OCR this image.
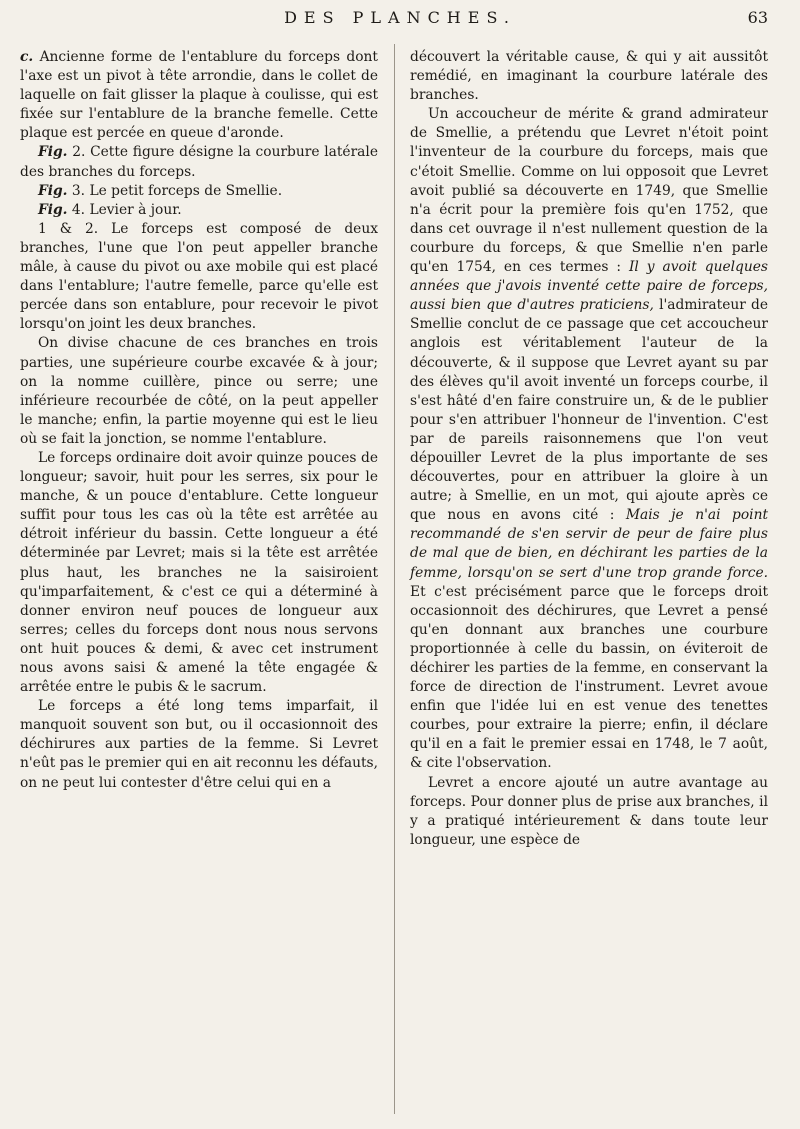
DES PLANCHES.	63

c. Ancienne forme de l'entablure du forceps dont l'axe est un pivot à tête arrondie, dans le collet de laquelle on fait glisser la plaque à coulisse, qui est fixée sur l'entablure de la branche femelle. Cette plaque est percée en queue d'aronde.

Fig. 2. Cette figure désigne la courbure latérale des branches du forceps.

Fig. 3. Le petit forceps de Smellie.

Fig. 4. Levier à jour.

1 & 2. Le forceps est composé de deux branches, l'une que l'on peut appeller branche mâle, à cause du pivot ou axe mobile qui est placé dans l'entablure; l'autre femelle, parce qu'elle est percée dans son entablure, pour recevoir le pivot lorsqu'on joint les deux branches.

On divise chacune de ces branches en trois parties, une supérieure courbe excavée & à jour; on la nomme cuillère, pince ou serre; une inférieure recourbée de côté, on la peut appeller le manche; enfin, la partie moyenne qui est le lieu où se fait la jonction, se nomme l'entablure.

Le forceps ordinaire doit avoir quinze pouces de longueur; savoir, huit pour les serres, six pour le manche, & un pouce d'entablure. Cette longueur suffit pour tous les cas où la tête est arrêtée au détroit inférieur du bassin. Cette longueur a été déterminée par Levret; mais si la tête est arrêtée plus haut, les branches ne la saisiroient qu'imparfaitement, & c'est ce qui a déterminé à donner environ neuf pouces de longueur aux serres; celles du forceps dont nous nous servons ont huit pouces & demi, & avec cet instrument nous avons saisi & amené la tête engagée & arrêtée entre le pubis & le sacrum.

Le forceps a été long tems imparfait, il manquoit souvent son but, ou il occasionnoit des déchirures aux parties de la femme. Si Levret n'eût pas le premier qui en ait reconnu les défauts, on ne peut lui contester d'être celui qui en a

découvert la véritable cause, & qui y ait aussitôt remédié, en imaginant la courbure latérale des branches.

Un accoucheur de mérite & grand admirateur de Smellie, a prétendu que Levret n'étoit point l'inventeur de la courbure du forceps, mais que c'étoit Smellie. Comme on lui opposoit que Levret avoit publié sa découverte en 1749, que Smellie n'a écrit pour la première fois qu'en 1752, que dans cet ouvrage il n'est nullement question de la courbure du forceps, & que Smellie n'en parle qu'en 1754, en ces termes : Il y avoit quelques années que j'avois inventé cette paire de forceps, aussi bien que d'autres praticiens, l'admirateur de Smellie conclut de ce passage que cet accoucheur anglois est véritablement l'auteur de la découverte, & il suppose que Levret ayant su par des élèves qu'il avoit inventé un forceps courbe, il s'est hâté d'en faire construire un, & de le publier pour s'en attribuer l'honneur de l'invention. C'est par de pareils raisonnemens que l'on veut dépouiller Levret de la plus importante de ses découvertes, pour en attribuer la gloire à un autre; à Smellie, en un mot, qui ajoute après ce que nous en avons cité : Mais je n'ai point recommandé de s'en servir de peur de faire plus de mal que de bien, en déchirant les parties de la femme, lorsqu'on se sert d'une trop grande force. Et c'est précisément parce que le forceps droit occasionnoit des déchirures, que Levret a pensé qu'en donnant aux branches une courbure proportionnée à celle du bassin, on éviteroit de déchirer les parties de la femme, en conservant la force de direction de l'instrument. Levret avoue enfin que l'idée lui en est venue des tenettes courbes, pour extraire la pierre; enfin, il déclare qu'il en a fait le premier essai en 1748, le 7 août, & cite l'observation.

Levret a encore ajouté un autre avantage au forceps. Pour donner plus de prise aux branches, il y a pratiqué intérieurement & dans toute leur longueur, une espèce de
